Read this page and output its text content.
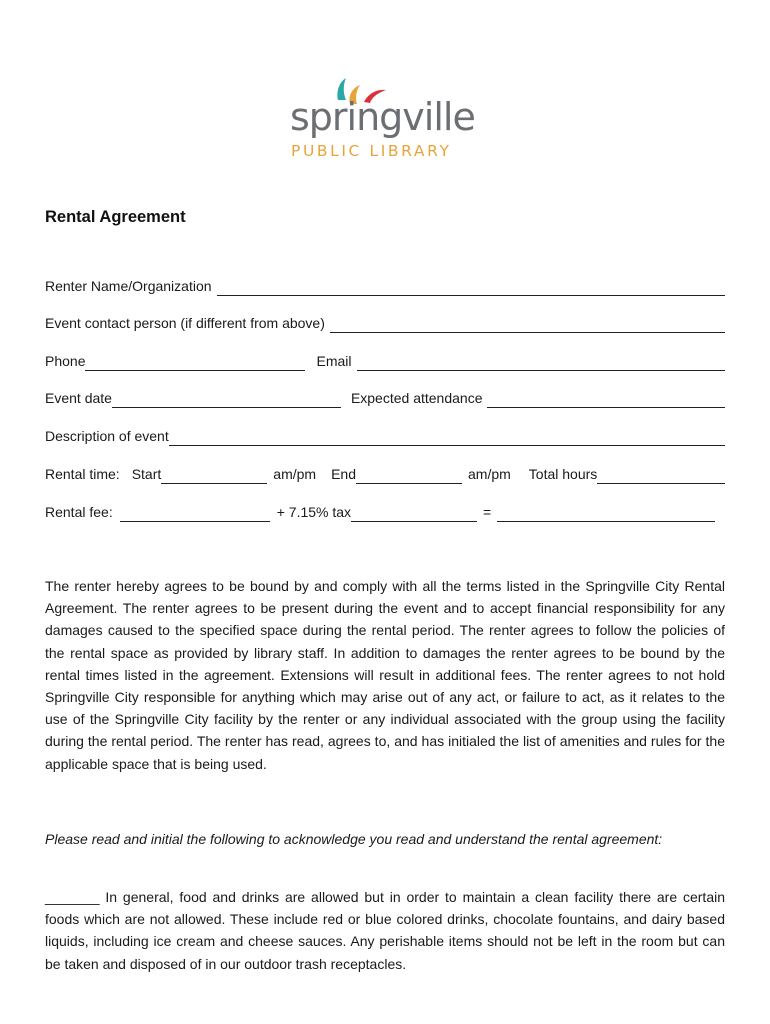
springville
PUBLIC LIBRARY
Rental Agreement
Renter Name/Organization
Event contact person (if different from above)
Phone	Email
Event date	Expected attendance
Description of event
Rental time: Start	am/pm End	am/pm Total hours
Rental fee:	+ 7.15% tax	=
The renter hereby agrees to be bound by and comply with all the terms listed in the Springville City Rental Agreement. The renter agrees to be present during the event and to accept financial responsibility for any damages caused to the specified space during the rental period. The renter agrees to follow the policies of the rental space as provided by library staff. In addition to damages the renter agrees to be bound by the rental times listed in the agreement. Extensions will result in additional fees. The renter agrees to not hold Springville City responsible for anything which may arise out of any act, or failure to act, as it relates to the use of the Springville City facility by the renter or any individual associated with the group using the facility during the rental period. The renter has read, agrees to, and has initialed the list of amenities and rules for the applicable space that is being used.
Please read and initial the following to acknowledge you read and understand the rental agreement:
_______ In general, food and drinks are allowed but in order to maintain a clean facility there are certain foods which are not allowed. These include red or blue colored drinks, chocolate fountains, and dairy based liquids, including ice cream and cheese sauces. Any perishable items should not be left in the room but can be taken and disposed of in our outdoor trash receptacles.
